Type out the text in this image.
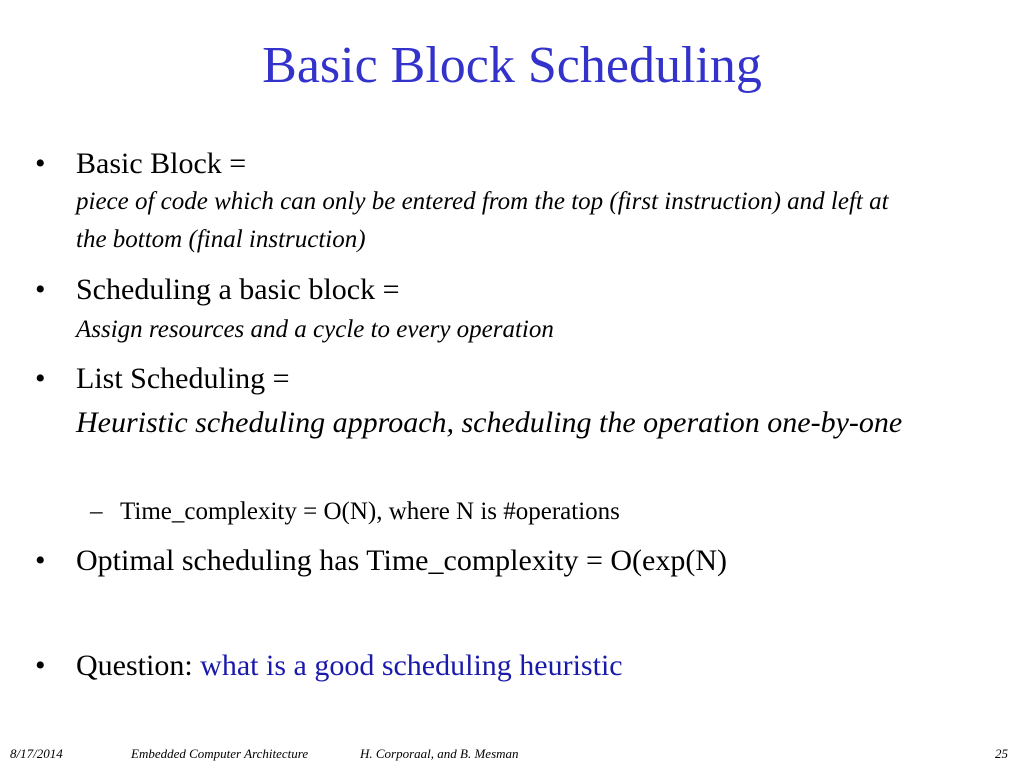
Basic Block Scheduling
• Basic Block =
piece of code which can only be entered from the top (first instruction) and left at the bottom (final instruction)
• Scheduling a basic block =
Assign resources and a cycle to every operation
• List Scheduling =
Heuristic scheduling approach, scheduling the operation one-by-one
– Time_complexity = O(N), where N is #operations
• Optimal scheduling has Time_complexity = O(exp(N)
• Question: what is a good scheduling heuristic
8/17/2014	Embedded Computer Architecture	H. Corporaal, and B. Mesman	25
